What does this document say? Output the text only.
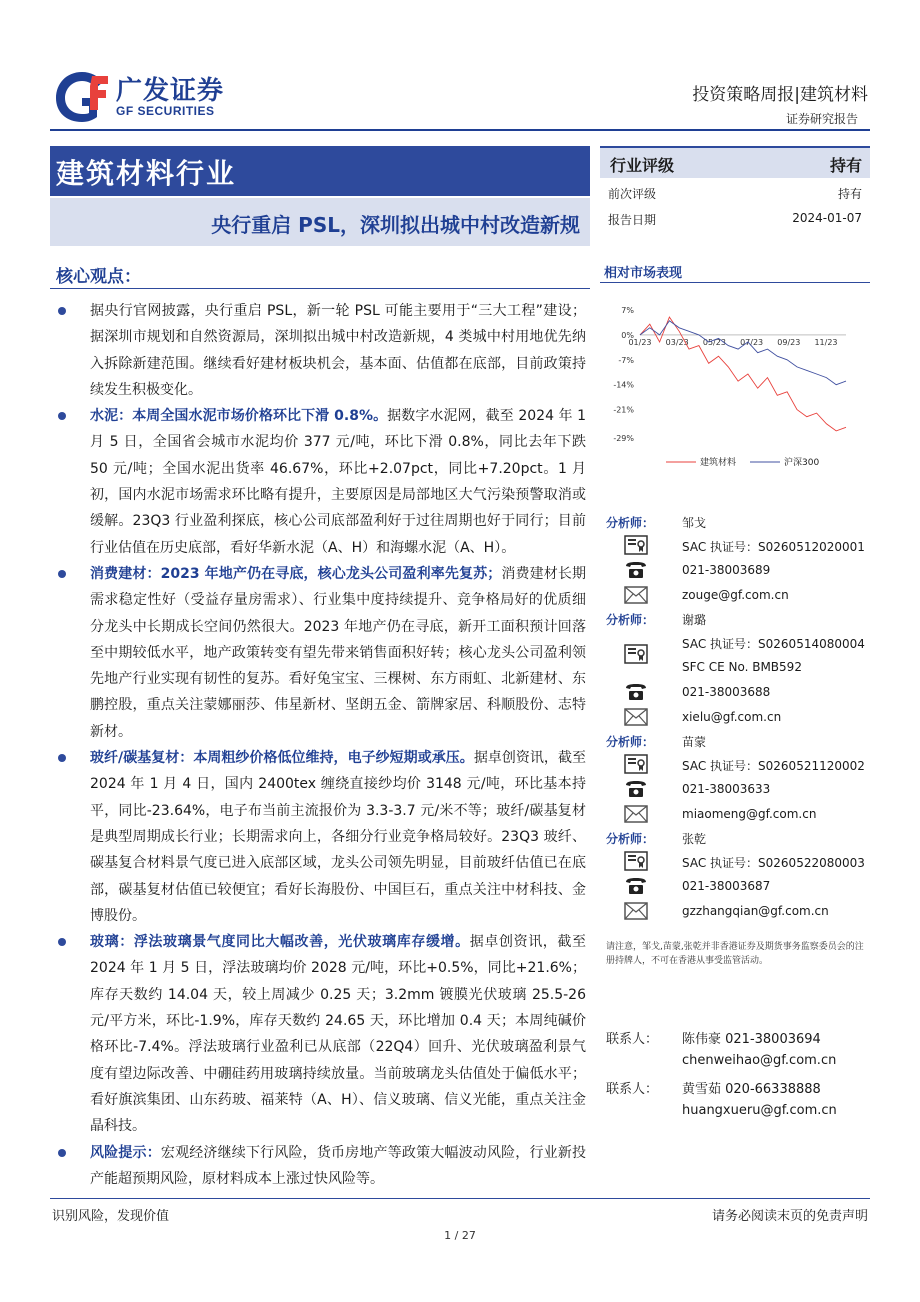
广发证券
GF SECURITIES
投资策略周报|建筑材料
证券研究报告
建筑材料行业
央行重启 PSL，深圳拟出城中村改造新规
行业评级	持有
前次评级	持有
报告日期	2024-01-07
核心观点：
据央行官网披露，央行重启 PSL，新一轮 PSL 可能主要用于“三大工程”建设；据深圳市规划和自然资源局，深圳拟出城中村改造新规，4 类城中村用地优先纳入拆除新建范围。继续看好建材板块机会，基本面、估值都在底部，目前政策持续发生积极变化。
水泥：本周全国水泥市场价格环比下滑 0.8%。据数字水泥网，截至 2024 年 1 月 5 日，全国省会城市水泥均价 377 元/吨，环比下滑 0.8%，同比去年下跌 50 元/吨；全国水泥出货率 46.67%，环比+2.07pct，同比+7.20pct。1 月初，国内水泥市场需求环比略有提升，主要原因是局部地区大气污染预警取消或缓解。23Q3 行业盈利探底，核心公司底部盈利好于过往周期也好于同行；目前行业估值在历史底部，看好华新水泥（A、H）和海螺水泥（A、H）。
消费建材：2023 年地产仍在寻底，核心龙头公司盈利率先复苏；消费建材长期需求稳定性好（受益存量房需求）、行业集中度持续提升、竞争格局好的优质细分龙头中长期成长空间仍然很大。2023 年地产仍在寻底，新开工面积预计回落至中期较低水平，地产政策转变有望先带来销售面积好转；核心龙头公司盈利领先地产行业实现有韧性的复苏。看好兔宝宝、三棵树、东方雨虹、北新建材、东鹏控股，重点关注蒙娜丽莎、伟星新材、坚朗五金、箭牌家居、科顺股份、志特新材。
玻纤/碳基复材：本周粗纱价格低位维持，电子纱短期或承压。据卓创资讯，截至 2024 年 1 月 4 日，国内 2400tex 缠绕直接纱均价 3148 元/吨，环比基本持平，同比-23.64%，电子布当前主流报价为 3.3-3.7 元/米不等；玻纤/碳基复材是典型周期成长行业；长期需求向上，各细分行业竞争格局较好。23Q3 玻纤、碳基复合材料景气度已进入底部区域，龙头公司领先明显，目前玻纤估值已在底部，碳基复材估值已较便宜；看好长海股份、中国巨石，重点关注中材科技、金博股份。
玻璃：浮法玻璃景气度同比大幅改善，光伏玻璃库存缓增。据卓创资讯，截至 2024 年 1 月 5 日，浮法玻璃均价 2028 元/吨，环比+0.5%，同比+21.6%；库存天数约 14.04 天，较上周减少 0.25 天；3.2mm 镀膜光伏玻璃 25.5-26 元/平方米，环比-1.9%，库存天数约 24.65 天，环比增加 0.4 天；本周纯碱价格环比-7.4%。浮法玻璃行业盈利已从底部（22Q4）回升、光伏玻璃盈利景气度有望边际改善、中硼硅药用玻璃持续放量。当前玻璃龙头估值处于偏低水平；看好旗滨集团、山东药玻、福莱特（A、H）、信义玻璃、信义光能，重点关注金晶科技。
风险提示：宏观经济继续下行风险，货币房地产等政策大幅波动风险，行业新投产能超预期风险，原材料成本上涨过快风险等。
相对市场表现
7%
0%
-7%
-14%
-21%
-29%
01/23 03/23 05/23 07/23 09/23 11/23
建筑材料	沪深300
分析师： 邹戈
SAC 执证号：S0260512020001
021-38003689
zouge@gf.com.cn
分析师： 谢璐
SAC 执证号：S0260514080004
SFC CE No. BMB592
021-38003688
xielu@gf.com.cn
分析师： 苗蒙
SAC 执证号：S0260521120002
021-38003633
miaomeng@gf.com.cn
分析师： 张乾
SAC 执证号：S0260522080003
021-38003687
gzzhangqian@gf.com.cn
请注意，邹戈,苗蒙,张乾并非香港证券及期货事务监察委员会的注册持牌人，不可在香港从事受监管活动。
联系人： 陈伟豪 021-38003694
chenweihao@gf.com.cn
联系人： 黄雪茹 020-66338888
huangxueru@gf.com.cn
识别风险，发现价值	请务必阅读末页的免责声明
1 / 27
